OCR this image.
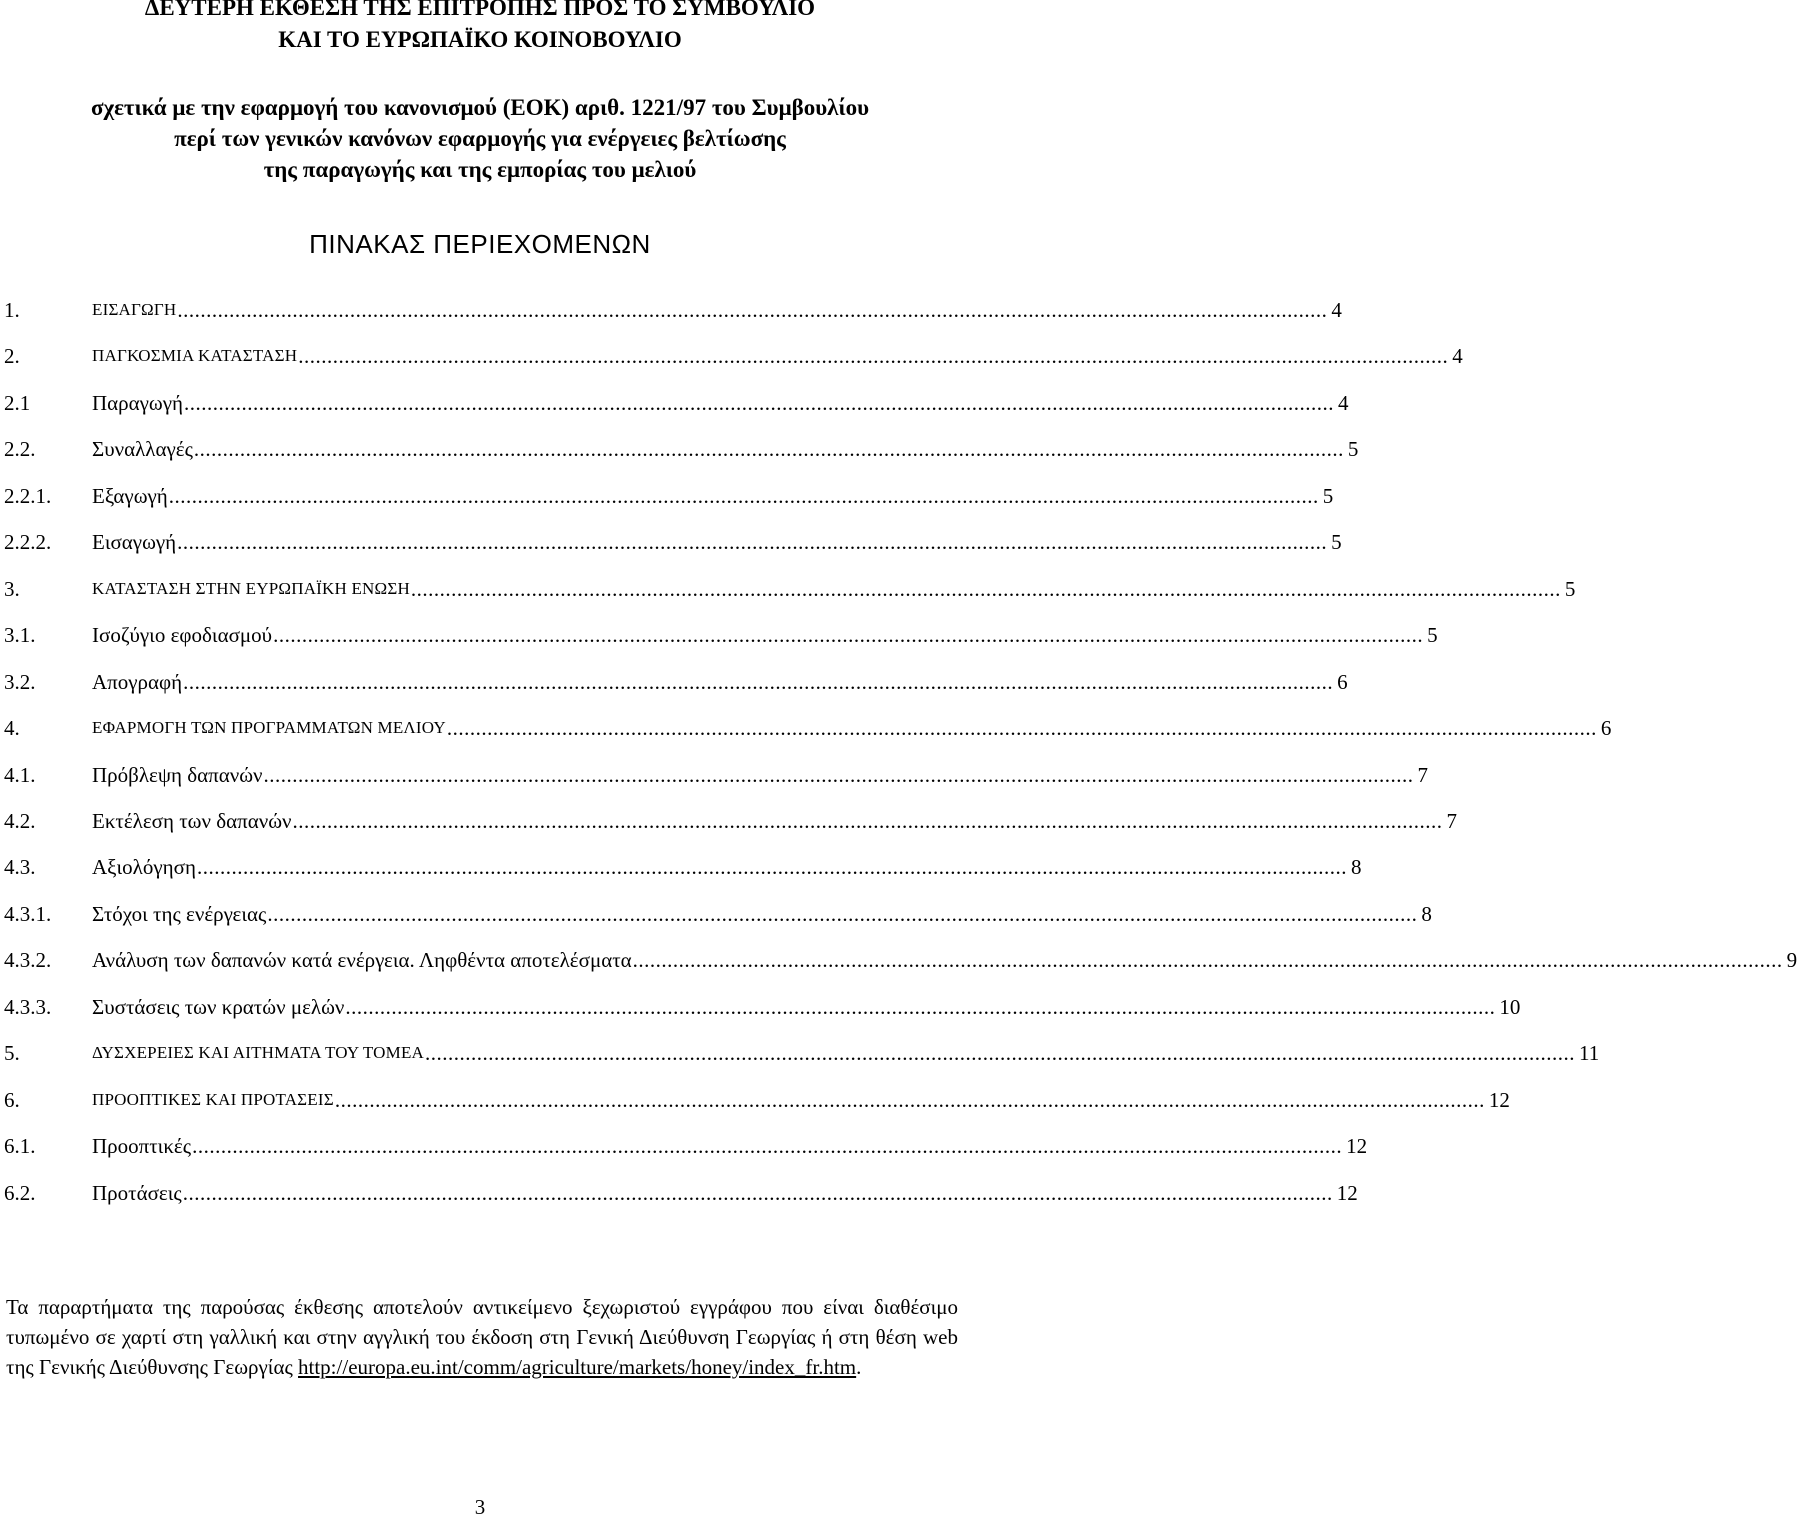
ΔΕΥΤΕΡΗ ΕΚΘΕΣΗ ΤΗΣ ΕΠΙΤΡΟΠΗΣ ΠΡΟΣ ΤΟ ΣΥΜΒΟΥΛΙΟ
ΚΑΙ ΤΟ ΕΥΡΩΠΑΪΚΟ ΚΟΙΝΟΒΟΥΛΙΟ
σχετικά με την εφαρμογή του κανονισμού (ΕΟΚ) αριθ. 1221/97 του Συμβουλίου
περί των γενικών κανόνων εφαρμογής για ενέργειες βελτίωσης
της παραγωγής και της εμπορίας του μελιού
ΠΙΝΑΚΑΣ ΠΕΡΙΕΧΟΜΕΝΩΝ
1.	ΕΙΣΑΓΩΓΗ ........................................................................................................................................................................................................ 4
2.	ΠΑΓΚΟΣΜΙΑ ΚΑΤΑΣΤΑΣΗ ........................................................................................................................................................................................................ 4
2.1	Παραγωγή ........................................................................................................................................................................................................ 4
2.2.	Συναλλαγές ........................................................................................................................................................................................................ 5
2.2.1.	Εξαγωγή ........................................................................................................................................................................................................ 5
2.2.2.	Εισαγωγή ........................................................................................................................................................................................................ 5
3.	ΚΑΤΑΣΤΑΣΗ ΣΤΗΝ ΕΥΡΩΠΑΪΚΗ ΕΝΩΣΗ ........................................................................................................................................................................................................ 5
3.1.	Ισοζύγιο εφοδιασμού ........................................................................................................................................................................................................ 5
3.2.	Απογραφή ........................................................................................................................................................................................................ 6
4.	ΕΦΑΡΜΟΓΗ ΤΩΝ ΠΡΟΓΡΑΜΜΑΤΩΝ ΜΕΛΙΟΥ ........................................................................................................................................................................................................ 6
4.1.	Πρόβλεψη δαπανών ........................................................................................................................................................................................................ 7
4.2.	Εκτέλεση των δαπανών ........................................................................................................................................................................................................ 7
4.3.	Αξιολόγηση ........................................................................................................................................................................................................ 8
4.3.1.	Στόχοι της ενέργειας ........................................................................................................................................................................................................ 8
4.3.2.	Ανάλυση των δαπανών κατά ενέργεια. Ληφθέντα αποτελέσματα ........................................................................................................................................................................................................ 9
4.3.3.	Συστάσεις των κρατών μελών ........................................................................................................................................................................................................ 10
5.	ΔΥΣΧΕΡΕΙΕΣ ΚΑΙ ΑΙΤΗΜΑΤΑ ΤΟΥ ΤΟΜΕΑ ........................................................................................................................................................................................................ 11
6.	ΠΡΟΟΠΤΙΚΕΣ ΚΑΙ ΠΡΟΤΑΣΕΙΣ ........................................................................................................................................................................................................ 12
6.1.	Προοπτικές ........................................................................................................................................................................................................ 12
6.2.	Προτάσεις ........................................................................................................................................................................................................ 12
Τα παραρτήματα της παρούσας έκθεσης αποτελούν αντικείμενο ξεχωριστού εγγράφου που είναι διαθέσιμο τυπωμένο σε χαρτί στη γαλλική και στην αγγλική του έκδοση στη Γενική Διεύθυνση Γεωργίας ή στη θέση web της Γενικής Διεύθυνσης Γεωργίας http://europa.eu.int/comm/agriculture/markets/honey/index_fr.htm.
3
